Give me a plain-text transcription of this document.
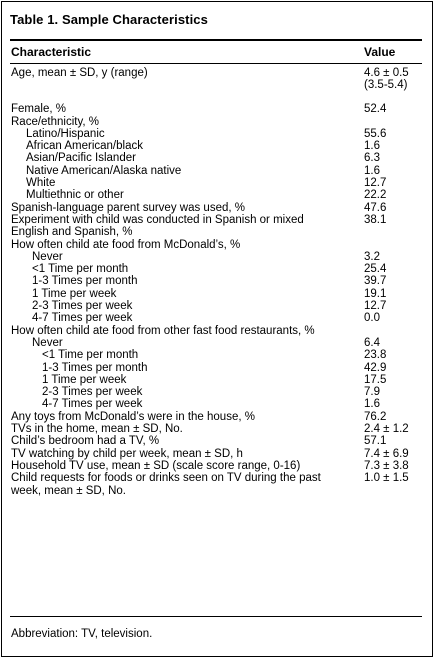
Table 1. Sample Characteristics
Characteristic	Value
Age, mean ± SD, y (range)	4.6 ± 0.5
(3.5-5.4)
Female, %	52.4
Race/ethnicity, %
Latino/Hispanic	55.6
African American/black	1.6
Asian/Pacific Islander	6.3
Native American/Alaska native	1.6
White	12.7
Multiethnic or other	22.2
Spanish-language parent survey was used, %	47.6
Experiment with child was conducted in Spanish or mixed English and Spanish, %
38.1
How often child ate food from McDonald’s, %
Never	3.2
<1 Time per month	25.4
1-3 Times per month	39.7
1 Time per week	19.1
2-3 Times per week	12.7
4-7 Times per week	0.0
How often child ate food from other fast food restaurants, %
Never	6.4
<1 Time per month	23.8
1-3 Times per month	42.9
1 Time per week	17.5
2-3 Times per week	7.9
4-7 Times per week	1.6
Any toys from McDonald’s were in the house, %	76.2
TVs in the home, mean ± SD, No.	2.4 ± 1.2
Child’s bedroom had a TV, %	57.1
TV watching by child per week, mean ± SD, h	7.4 ± 6.9
Household TV use, mean ± SD (scale score range, 0-16)	7.3 ± 3.8
Child requests for foods or drinks seen on TV during the past week, mean ± SD, No.
1.0 ± 1.5
Abbreviation: TV, television.
